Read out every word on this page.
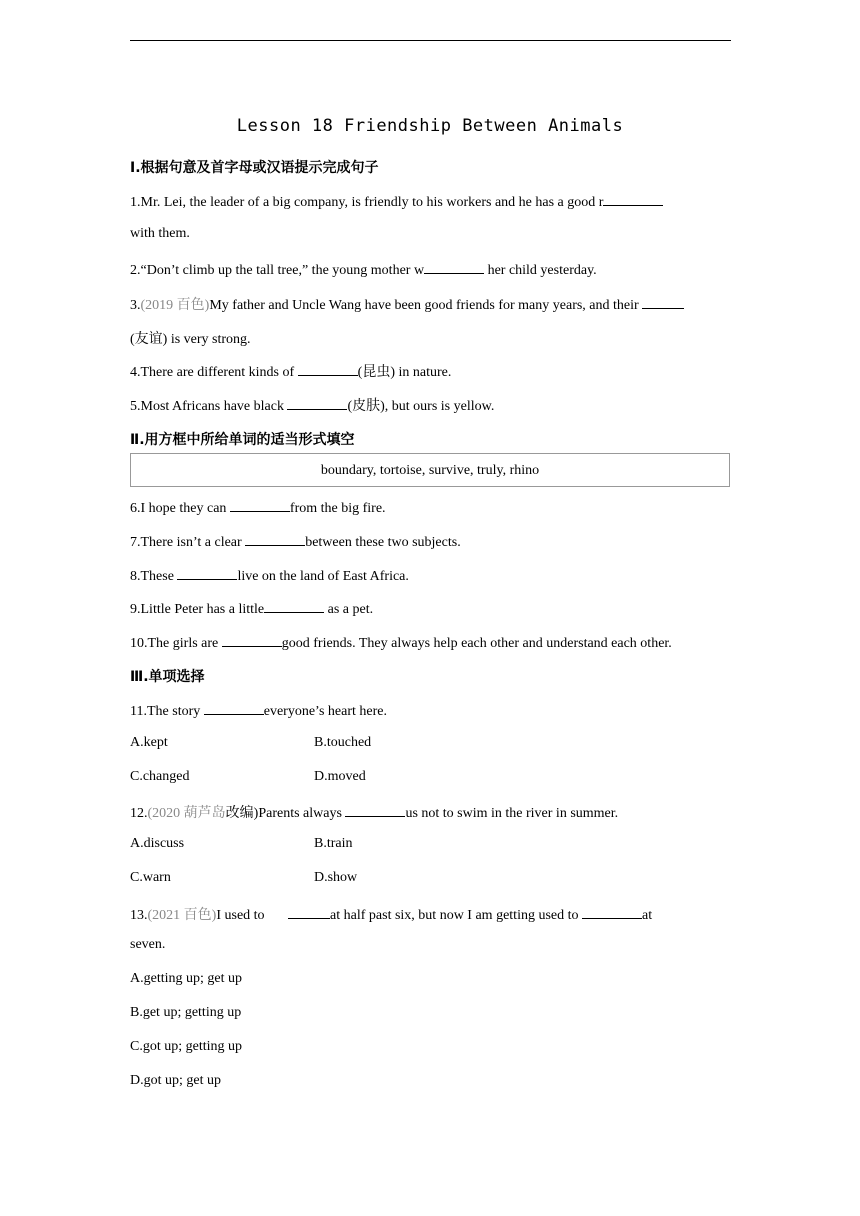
Lesson 18 Friendship Between Animals
Ⅰ.根据句意及首字母或汉语提示完成句子
1.Mr. Lei, the leader of a big company, is friendly to his workers and he has a good r
with them.
2.“Don’t climb up the tall tree,” the young mother w	her child yesterday.
3.(2019 百色)My father and Uncle Wang have been good friends for many years, and their
(友谊) is very strong.
4.There are different kinds of	(昆虫) in nature.
5.Most Africans have black	(皮肤), but ours is yellow.
Ⅱ.用方框中所给单词的适当形式填空
boundary, tortoise, survive, truly, rhino
6.I hope they can	from the big fire.
7.There isn’t a clear	between these two subjects.
8.These	live on the land of East Africa.
9.Little Peter has a little	as a pet.
10.The girls are	good friends. They always help each other and understand each other.
Ⅲ.单项选择
11.The story	everyone’s heart here.
A.kept	B.touched
C.changed	D.moved
12.(2020 葫芦岛改编)Parents always	us not to swim in the river in summer.
A.discuss	B.train
C.warn	D.show
13.(2021 百色)I used to	at half past six, but now I am getting used to	at
seven.
A.getting up; get up
B.get up; getting up
C.got up; getting up
D.got up; get up
